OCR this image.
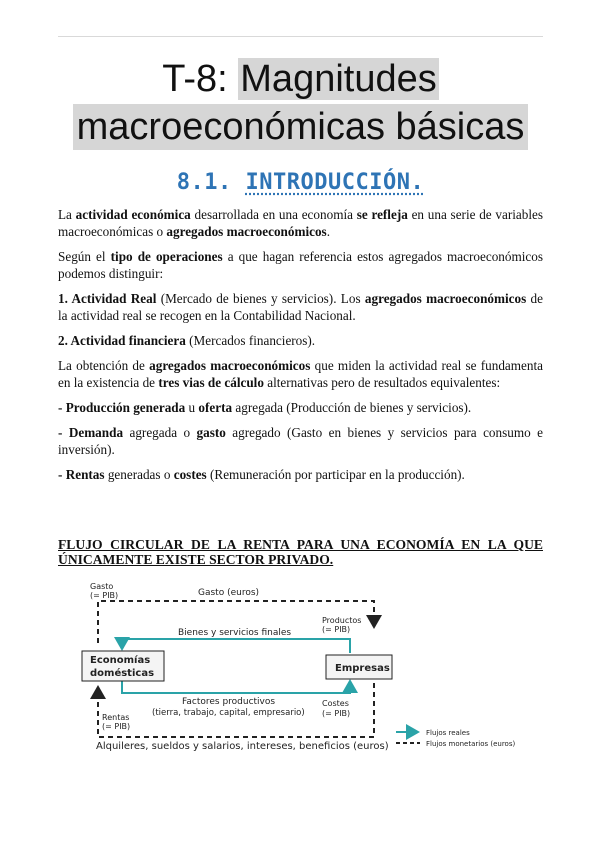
T-8: Magnitudes
macroeconómicas básicas
8.1. INTRODUCCIÓN.

La actividad económica desarrollada en una economía se refleja en una serie de variables macroeconómicas o agregados macroeconómicos.

Según el tipo de operaciones a que hagan referencia estos agregados macroeconómicos podemos distinguir:

1. Actividad Real (Mercado de bienes y servicios). Los agregados macroeconómicos de la actividad real se recogen en la Contabilidad Nacional.

2. Actividad financiera (Mercados financieros).

La obtención de agregados macroeconómicos que miden la actividad real se fundamenta en la existencia de tres vias de cálculo alternativas pero de resultados equivalentes:

- Producción generada u oferta agregada (Producción de bienes y servicios).

- Demanda agregada o gasto agregado (Gasto en bienes y servicios para consumo e inversión).

- Rentas generadas o costes (Remuneración por participar en la producción).

FLUJO CIRCULAR DE LA RENTA PARA UNA ECONOMÍA EN LA QUE ÚNICAMENTE EXISTE SECTOR PRIVADO.
Economías
domésticas	Empresas
Gasto
(= PIB)	Gasto (euros)
Bienes y servicios finales
Productos
(= PIB)
Factores productivos
(tierra, trabajo, capital, empresario)
Costes
(= PIB)
Rentas
(= PIB)
Alquileres, sueldos y salarios, intereses, beneficios (euros)
Flujos reales
Flujos monetarios (euros)
